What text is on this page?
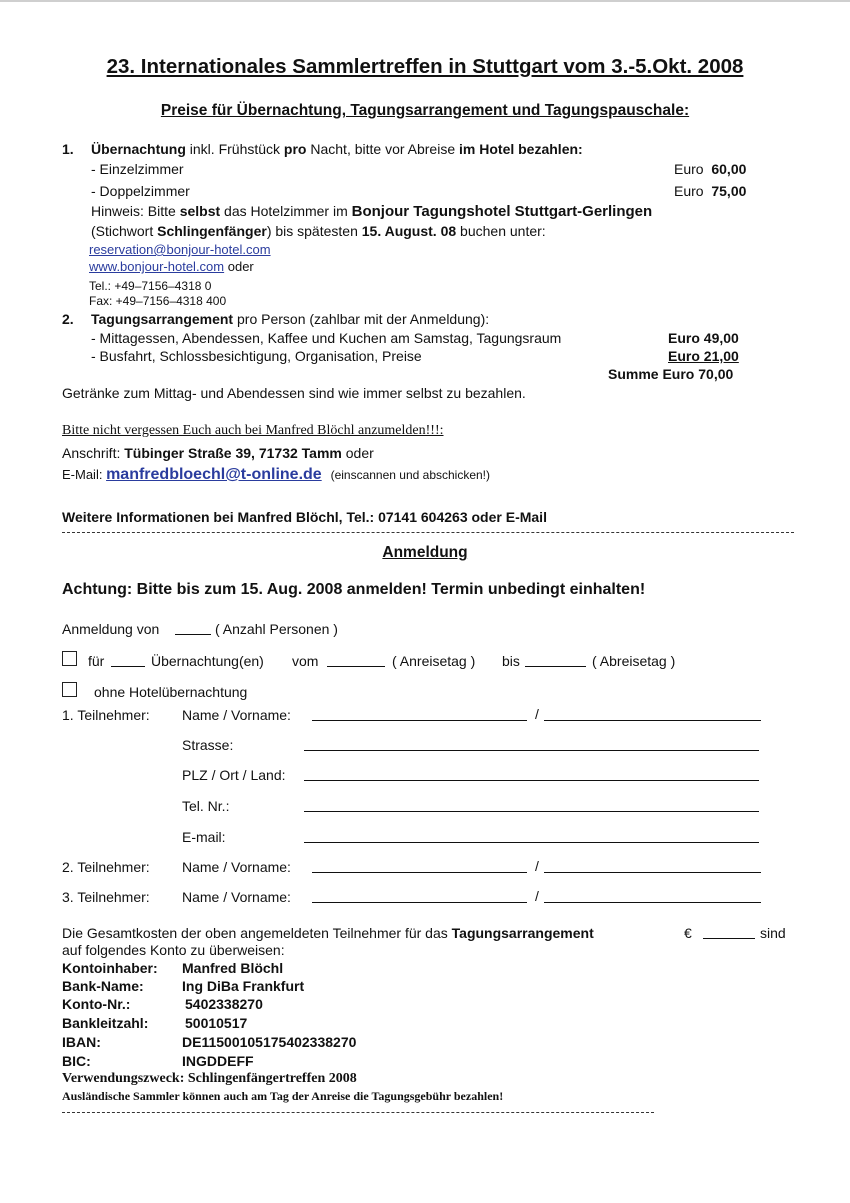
23. Internationales Sammlertreffen in Stuttgart vom 3.-5.Okt. 2008
Preise für Übernachtung, Tagungsarrangement und Tagungspauschale:
1. Übernachtung inkl. Frühstück pro Nacht, bitte vor Abreise im Hotel bezahlen:
- Einzelzimmer	Euro 60,00
- Doppelzimmer	Euro 75,00
Hinweis: Bitte selbst das Hotelzimmer im Bonjour Tagungshotel Stuttgart-Gerlingen
(Stichwort Schlingenfänger) bis spätesten 15. August. 08 buchen unter:
reservation@bonjour-hotel.com
www.bonjour-hotel.com oder
Tel.: +49–7156–4318 0
Fax: +49–7156–4318 400
2. Tagungsarrangement pro Person (zahlbar mit der Anmeldung):
- Mittagessen, Abendessen, Kaffee und Kuchen am Samstag, Tagungsraum	Euro 49,00
- Busfahrt, Schlossbesichtigung, Organisation, Preise	Euro 21,00
Summe Euro 70,00
Getränke zum Mittag- und Abendessen sind wie immer selbst zu bezahlen.
Bitte nicht vergessen Euch auch bei Manfred Blöchl anzumelden!!!:
Anschrift: Tübinger Straße 39, 71732 Tamm oder
E-Mail: manfredbloechl@t-online.de (einscannen und abschicken!)
Weitere Informationen bei Manfred Blöchl, Tel.: 07141 604263 oder E-Mail
Anmeldung
Achtung: Bitte bis zum 15. Aug. 2008 anmelden! Termin unbedingt einhalten!
Anmeldung von	( Anzahl Personen )
für	Übernachtung(en) vom	( Anreisetag ) bis	( Abreisetag )
ohne Hotelübernachtung
1. Teilnehmer: Name / Vorname:	/
Strasse:
PLZ / Ort / Land:
Tel. Nr.:
E-mail:
2. Teilnehmer: Name / Vorname:	/
3. Teilnehmer: Name / Vorname:	/
Die Gesamtkosten der oben angemeldeten Teilnehmer für das Tagungsarrangement	€	sind
auf folgendes Konto zu überweisen:
Kontoinhaber: Manfred Blöchl
Bank-Name:	Ing DiBa Frankfurt
Konto-Nr.:	5402338270
Bankleitzahl:	50010517
IBAN:	DE11500105175402338270
BIC:	INGDDEFF
Verwendungszweck: Schlingenfängertreffen 2008
Ausländische Sammler können auch am Tag der Anreise die Tagungsgebühr bezahlen!
